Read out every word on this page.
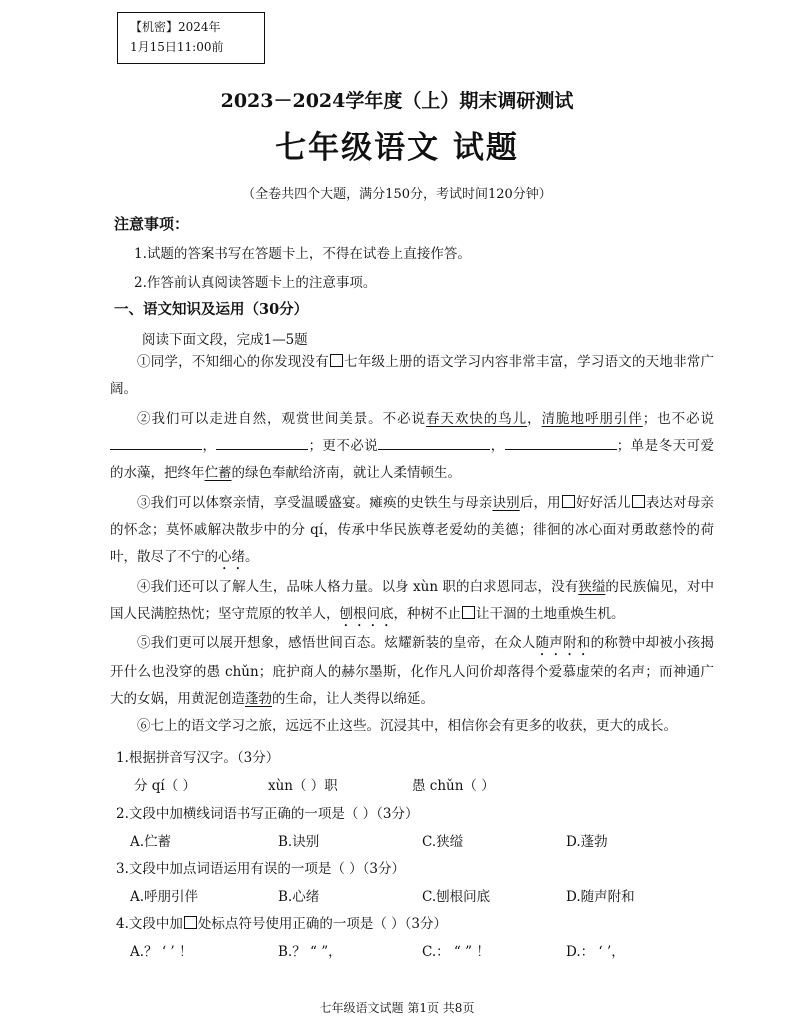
【机密】2024年
1月15日11:00前
2023－2024学年度（上）期末调研测试
七年级语文 试题
（全卷共四个大题，满分150分，考试时间120分钟）
注意事项：
1.试题的答案书写在答题卡上，不得在试卷上直接作答。
2.作答前认真阅读答题卡上的注意事项。
一、语文知识及运用（30分）
阅读下面文段，完成1—5题
①同学，不知细心的你发现没有 七年级上册的语文学习内容非常丰富，学习语文的天地非常广阔。
②我们可以走进自然，观赏世间美景。不必说春天欢快的鸟儿，清脆地呼朋引伴；也不必说，	；更不必说	，	；单是冬天可爱的水藻，把终年伫蓄的绿色奉献给济南，就让人柔情顿生。
③我们可以体察亲情，享受温暖盛宴。瘫痪的史铁生与母亲诀别后，用 好好活儿 表达对母亲的怀念；莫怀戚解决散步中的分 qí，传承中华民族尊老爱幼的美德；徘徊的冰心面对勇敢慈怜的荷叶，散尽了不宁的心绪。
④我们还可以了解人生，品味人格力量。以身 xùn 职的白求恩同志，没有狭缢的民族偏见，对中国人民满腔热忱；坚守荒原的牧羊人，刨根问底，种树不止 让干涸的土地重焕生机。
⑤我们更可以展开想象，感悟世间百态。炫耀新装的皇帝，在众人随声附和的称赞中却被小孩揭开什么也没穿的愚 chǔn；庇护商人的赫尔墨斯，化作凡人问价却落得个爱慕虚荣的名声；而神通广大的女娲，用黄泥创造蓬勃的生命，让人类得以绵延。
⑥七上的语文学习之旅，远远不止这些。沉浸其中，相信你会有更多的收获，更大的成长。
1.根据拼音写汉字。（3分）
分 qí（ ）	xùn（ ）职	愚 chǔn（ ）
2.文段中加横线词语书写正确的一项是（ ）（3分）
A.伫蓄	B.诀别	C.狭缢	D.蓬勃
3.文段中加点词语运用有误的一项是（ ）（3分）
A.呼朋引伴	B.心绪	C.刨根问底	D.随声附和
4.文段中加 处标点符号使用正确的一项是（ ）（3分）
A.？ ‘ ’ ！	B.？ “ ”，	C.： “ ” ！	D.： ‘ ’，
七年级语文试题 第1页 共8页
